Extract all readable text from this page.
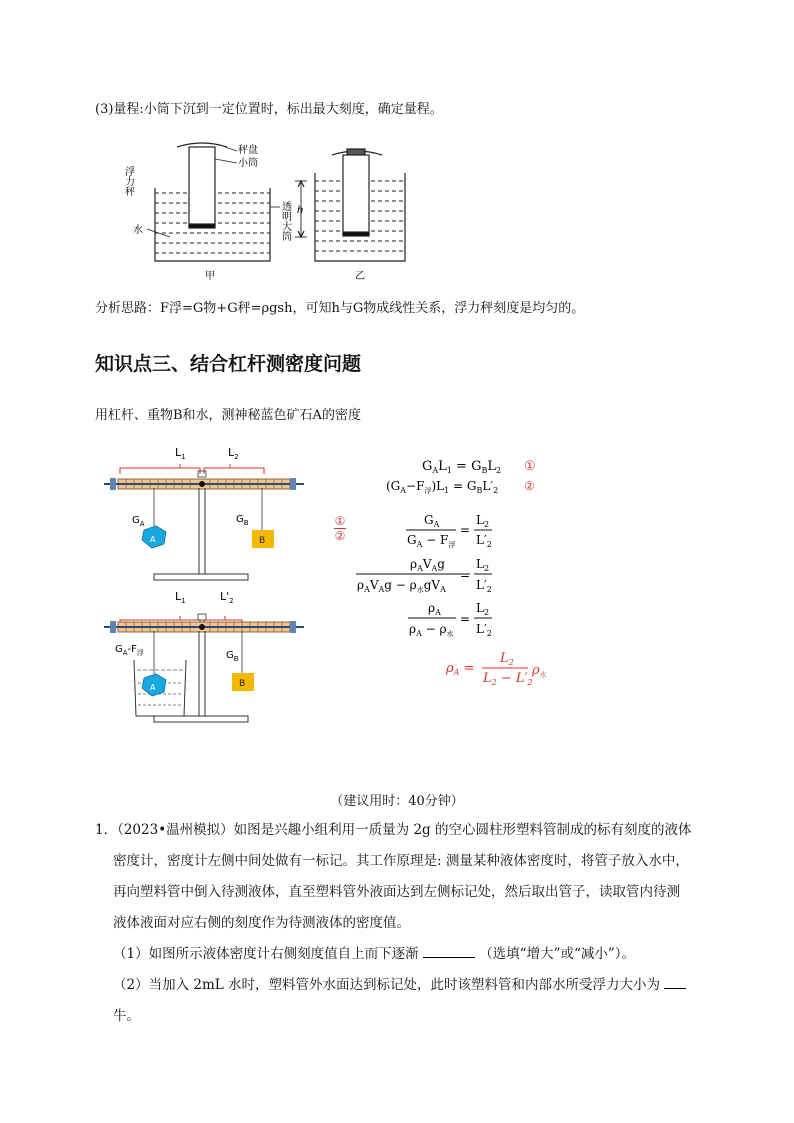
(3)量程:小筒下沉到一定位置时，标出最大刻度，确定量程。
秤盘
小筒
浮力秤
透明大筒
水
甲
h
乙
分析思路：F浮=G物+G秤=ρgsh，可知h与G物成线性关系，浮力秤刻度是均匀的。
知识点三、结合杠杆测密度问题
用杠杆、重物B和水，测神秘蓝色矿石A的密度
$L_1$	$L_2$
A	B
$G_A$	$G_B$
$L_1$	$L'_2$
A	B
$G_A-F_浮$	$G_B$
①
②
$G_AL_1 = G_BL_2$ ①
$(G_A-F_浮)L_1 = G_BL'_2$ ②
$G_A$
$G_A - F_浮$
=
$L_2$
$L'_2$
$\rho_AV_Ag$
$\rho_AV_Ag - \rho_水gV_A$
=
$L_2$
$L'_2$
$\rho_A$
$\rho_A - \rho_水$
=
$L_2$
$L'_2$
$\rho_A$ =
$L_2$
$L_2 - L'_2$
$\rho_水$
（建议用时：40分钟）
1．（2023•温州模拟）如图是兴趣小组利用一质量为 2g 的空心圆柱形塑料管制成的标有刻度的液体
密度计，密度计左侧中间处做有一标记。其工作原理是: 测量某种液体密度时，将管子放入水中，
再向塑料管中倒入待测液体，直至塑料管外液面达到左侧标记处，然后取出管子，读取管内待测
液体液面对应右侧的刻度作为待测液体的密度值。
（1）如图所示液体密度计右侧刻度值自上而下逐渐	（选填“增大”或“减小”）。
（2）当加入 2mL 水时，塑料管外水面达到标记处，此时该塑料管和内部水所受浮力大小为
牛。
